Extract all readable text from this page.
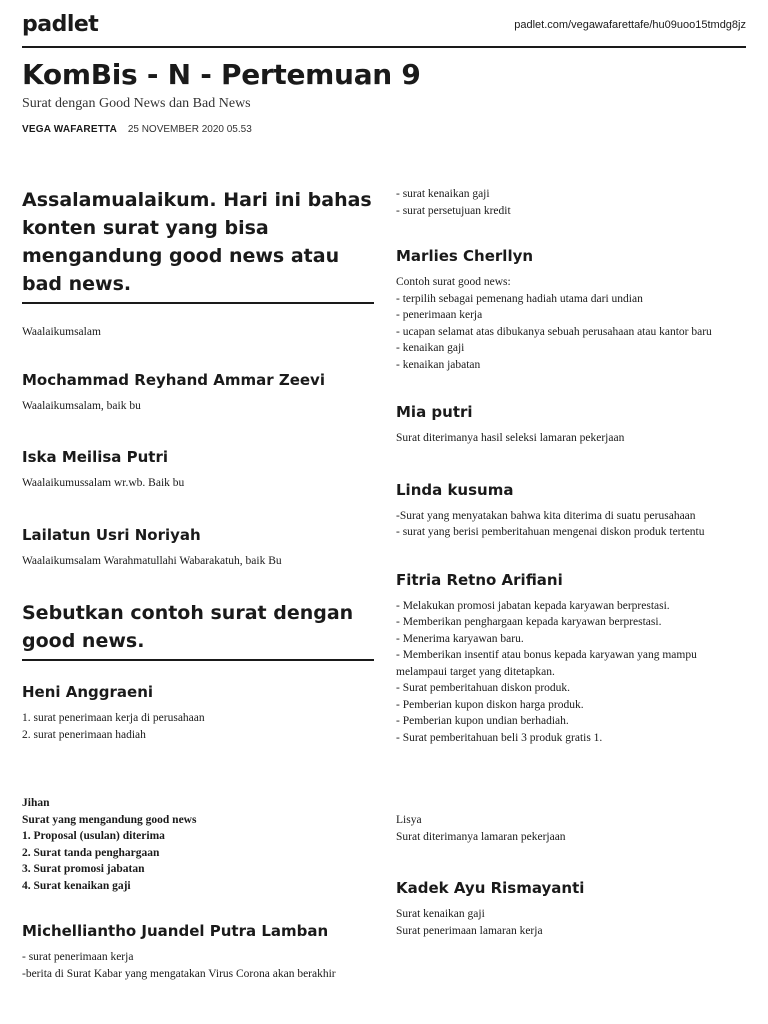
padlet	padlet.com/vegawafarettafe/hu09uoo15tmdg8jz
KomBis - N - Pertemuan 9
Surat dengan Good News dan Bad News
VEGA WAFARETTA 25 NOVEMBER 2020 05.53
Assalamualaikum. Hari ini bahas konten surat yang bisa mengandung good news atau bad news.

Waalaikumsalam

Mochammad Reyhand Ammar Zeevi

Waalaikumsalam, baik bu

Iska Meilisa Putri

Waalaikumussalam wr.wb. Baik bu

Lailatun Usri Noriyah

Waalaikumsalam Warahmatullahi Wabarakatuh, baik Bu

Sebutkan contoh surat dengan good news.
Heni Anggraeni

1. surat penerimaan kerja di perusahaan
2. surat penerimaan hadiah

Jihan
Surat yang mengandung good news
1. Proposal (usulan) diterima
2. Surat tanda penghargaan
3. Surat promosi jabatan
4. Surat kenaikan gaji

Michelliantho Juandel Putra Lamban

- surat penerimaan kerja
-berita di Surat Kabar yang mengatakan Virus Corona akan berakhir

- surat kenaikan gaji
- surat persetujuan kredit

Marlies Cherllyn

Contoh surat good news:
- terpilih sebagai pemenang hadiah utama dari undian
- penerimaan kerja
- ucapan selamat atas dibukanya sebuah perusahaan atau kantor baru
- kenaikan gaji
- kenaikan jabatan

Mia putri

Surat diterimanya hasil seleksi lamaran pekerjaan

Linda kusuma

-Surat yang menyatakan bahwa kita diterima di suatu perusahaan
- surat yang berisi pemberitahuan mengenai diskon produk tertentu

Fitria Retno Arifiani

- Melakukan promosi jabatan kepada karyawan berprestasi.
- Memberikan penghargaan kepada karyawan berprestasi.
- Menerima karyawan baru.
- Memberikan insentif atau bonus kepada karyawan yang mampu melampaui target yang ditetapkan.
- Surat pemberitahuan diskon produk.
- Pemberian kupon diskon harga produk.
- Pemberian kupon undian berhadiah.
- Surat pemberitahuan beli 3 produk gratis 1.

Lisya
Surat diterimanya lamaran pekerjaan

Kadek Ayu Rismayanti

Surat kenaikan gaji
Surat penerimaan lamaran kerja
